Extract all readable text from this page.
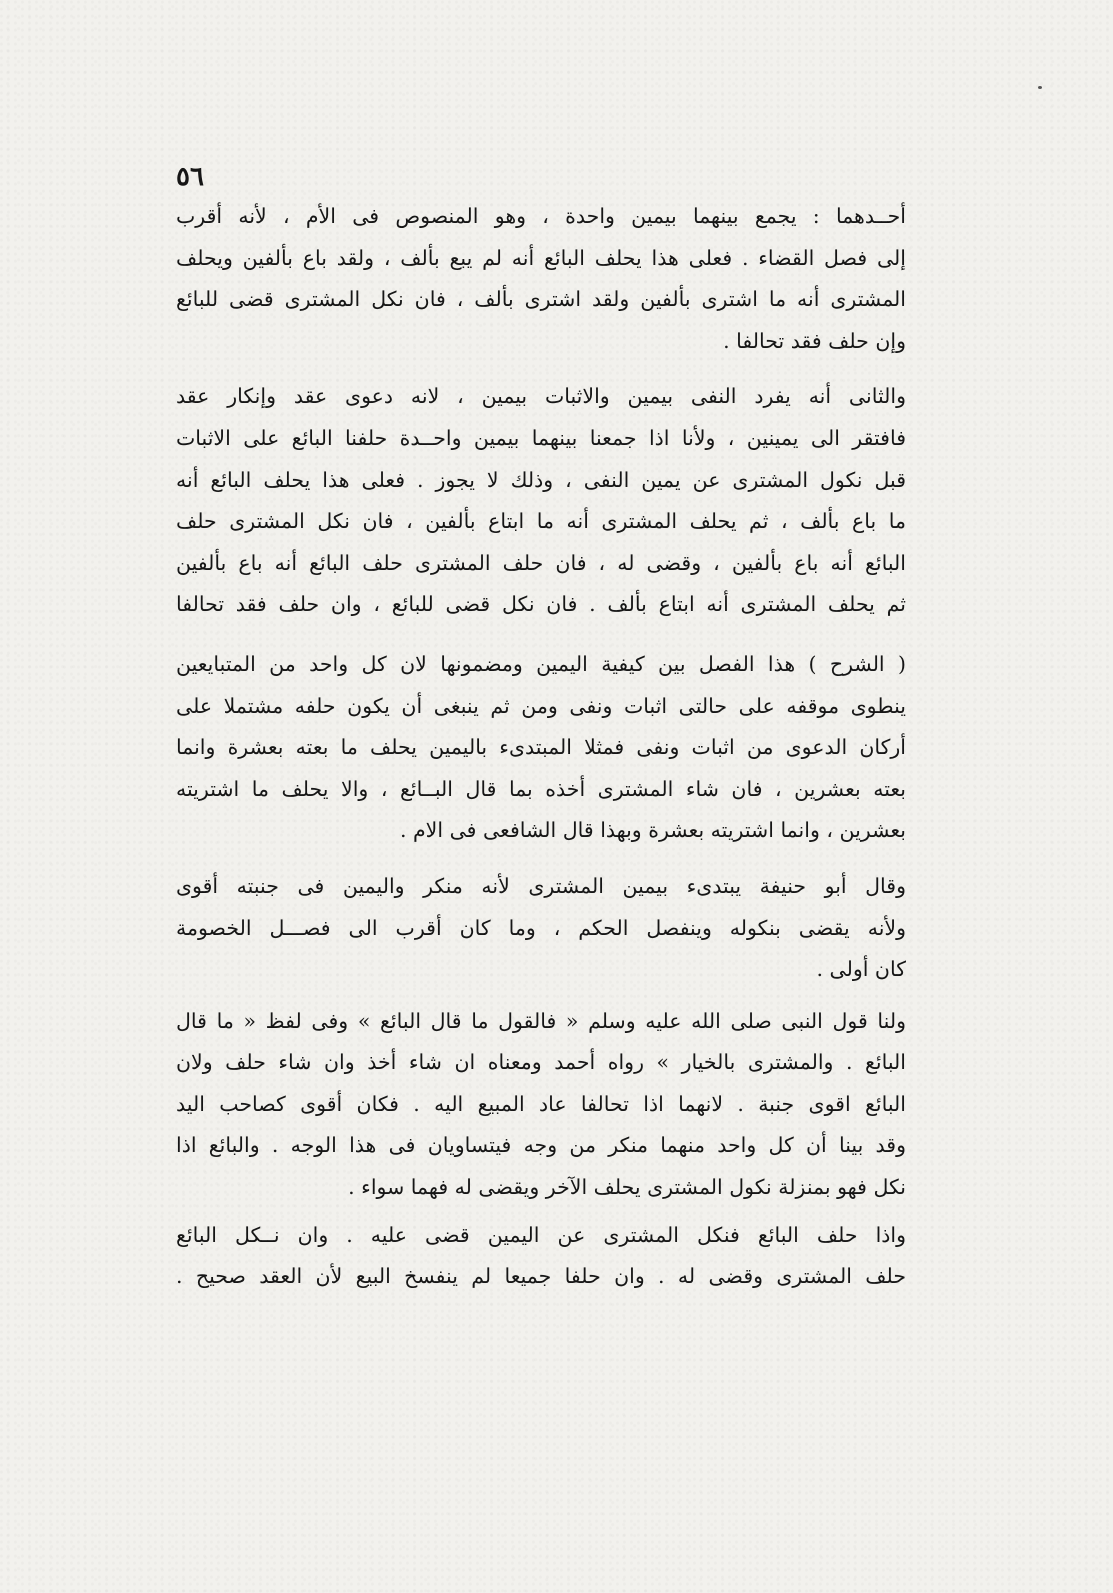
٥٦
أحــدهما : يجمع بينهما بيمين واحدة ، وهو المنصوص فى الأم ، لأنه أقرب
إلى فصل القضاء . فعلى هذا يحلف البائع أنه لم يبع بألف ، ولقد باع بألفين ويحلف
المشترى أنه ما اشترى بألفين ولقد اشترى بألف ، فان نكل المشترى قضى للبائع
وإن حلف فقد تحالفا .
والثانى أنه يفرد النفى بيمين والاثبات بيمين ، لانه دعوى عقد وإنكار عقد
فافتقر الى يمينين ، ولأنا اذا جمعنا بينهما بيمين واحــدة حلفنا البائع على الاثبات
قبل نكول المشترى عن يمين النفى ، وذلك لا يجوز . فعلى هذا يحلف البائع أنه
ما باع بألف ، ثم يحلف المشترى أنه ما ابتاع بألفين ، فان نكل المشترى حلف
البائع أنه باع بألفين ، وقضى له ، فان حلف المشترى حلف البائع أنه باع بألفين
ثم يحلف المشترى أنه ابتاع بألف . فان نكل قضى للبائع ، وان حلف فقد تحالفا
( الشرح ) هذا الفصل بين كيفية اليمين ومضمونها لان كل واحد من المتبايعين
ينطوى موقفه على حالتى اثبات ونفى ومن ثم ينبغى أن يكون حلفه مشتملا على
أركان الدعوى من اثبات ونفى فمثلا المبتدىء باليمين يحلف ما بعته بعشرة وانما
بعته بعشرين ، فان شاء المشترى أخذه بما قال البــائع ، والا يحلف ما اشتريته
بعشرين ، وانما اشتريته بعشرة وبهذا قال الشافعى فى الام .
وقال أبو حنيفة يبتدىء بيمين المشترى لأنه منكر واليمين فى جنبته أقوى
ولأنه يقضى بنكوله وينفصل الحكم ، وما كان أقرب الى فصـــل الخصومة
كان أولى .
ولنا قول النبى صلى الله عليه وسلم « فالقول ما قال البائع » وفى لفظ « ما قال
البائع . والمشترى بالخيار » رواه أحمد ومعناه ان شاء أخذ وان شاء حلف ولان
البائع اقوى جنبة . لانهما اذا تحالفا عاد المبيع اليه . فكان أقوى كصاحب اليد
وقد بينا أن كل واحد منهما منكر من وجه فيتساويان فى هذا الوجه . والبائع اذا
نكل فهو بمنزلة نكول المشترى يحلف الآخر ويقضى له فهما سواء .
واذا حلف البائع فنكل المشترى عن اليمين قضى عليه . وان نــكل البائع
حلف المشترى وقضى له . وان حلفا جميعا لم ينفسخ البيع لأن العقد صحيح .
